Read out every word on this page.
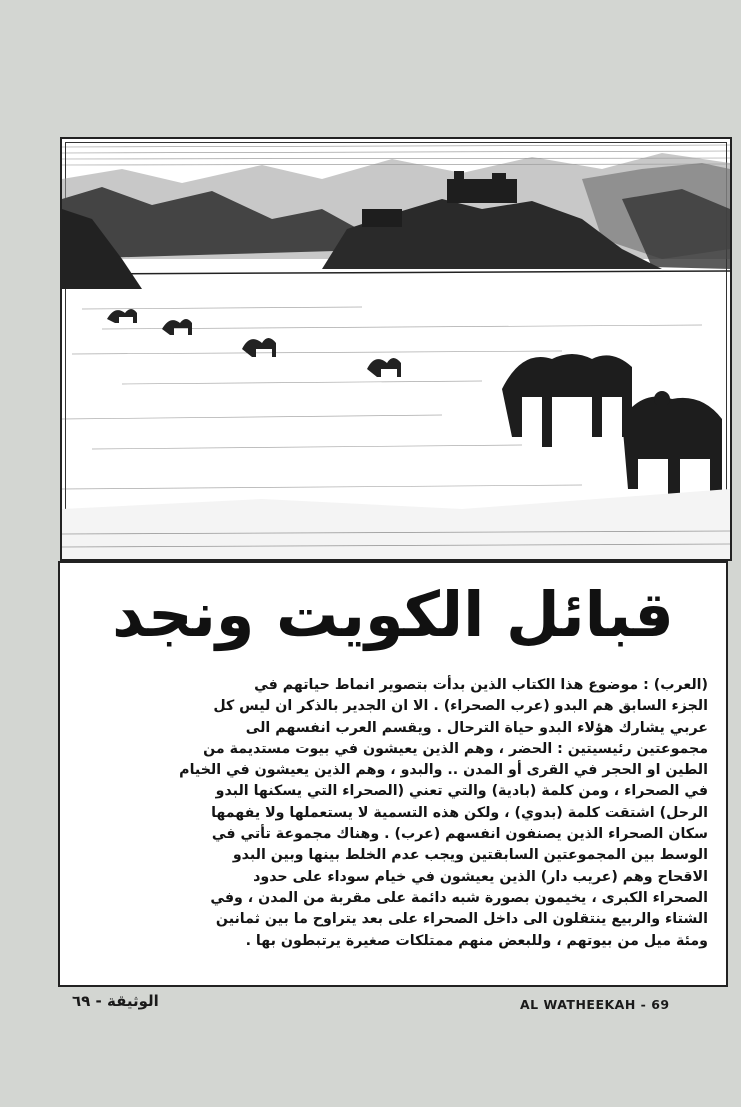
قبائل الكويت ونجد
(العرب) : موضوع هذا الكتاب الذين بدأت بتصوير انماط حياتهم في
الجزء السابق هم البدو (عرب الصحراء) . الا ان الجدير بالذكر ان ليس كل
عربي يشارك هؤلاء البدو حياة الترحال . ويقسم العرب انفسهم الى
مجموعتين رئيسيتين : الحضر ، وهم الذين يعيشون في بيوت مستديمة من
الطين او الحجر في القرى أو المدن .. والبدو ، وهم الذين يعيشون في الخيام
في الصحراء ، ومن كلمة (بادية) والتي تعني (الصحراء التي يسكنها البدو
الرحل) اشتقت كلمة (بدوي) ، ولكن هذه التسمية لا يستعملها ولا يفهمها
سكان الصحراء الذين يصنفون انفسهم (عرب) . وهناك مجموعة تأتي في
الوسط بين المجموعتين السابقتين ويجب عدم الخلط بينها وبين البدو
الاقحاح وهم (عريب دار) الذين يعيشون في خيام سوداء على حدود
الصحراء الكبرى ، يخيمون بصورة شبه دائمة على مقربة من المدن ، وفي
الشتاء والربيع ينتقلون الى داخل الصحراء على بعد يتراوح ما بين ثمانين
ومئة ميل من بيوتهم ، وللبعض منهم ممتلكات صغيرة يرتبطون بها .
AL WATHEEKAH - 69
الوثيقة - ٦٩
